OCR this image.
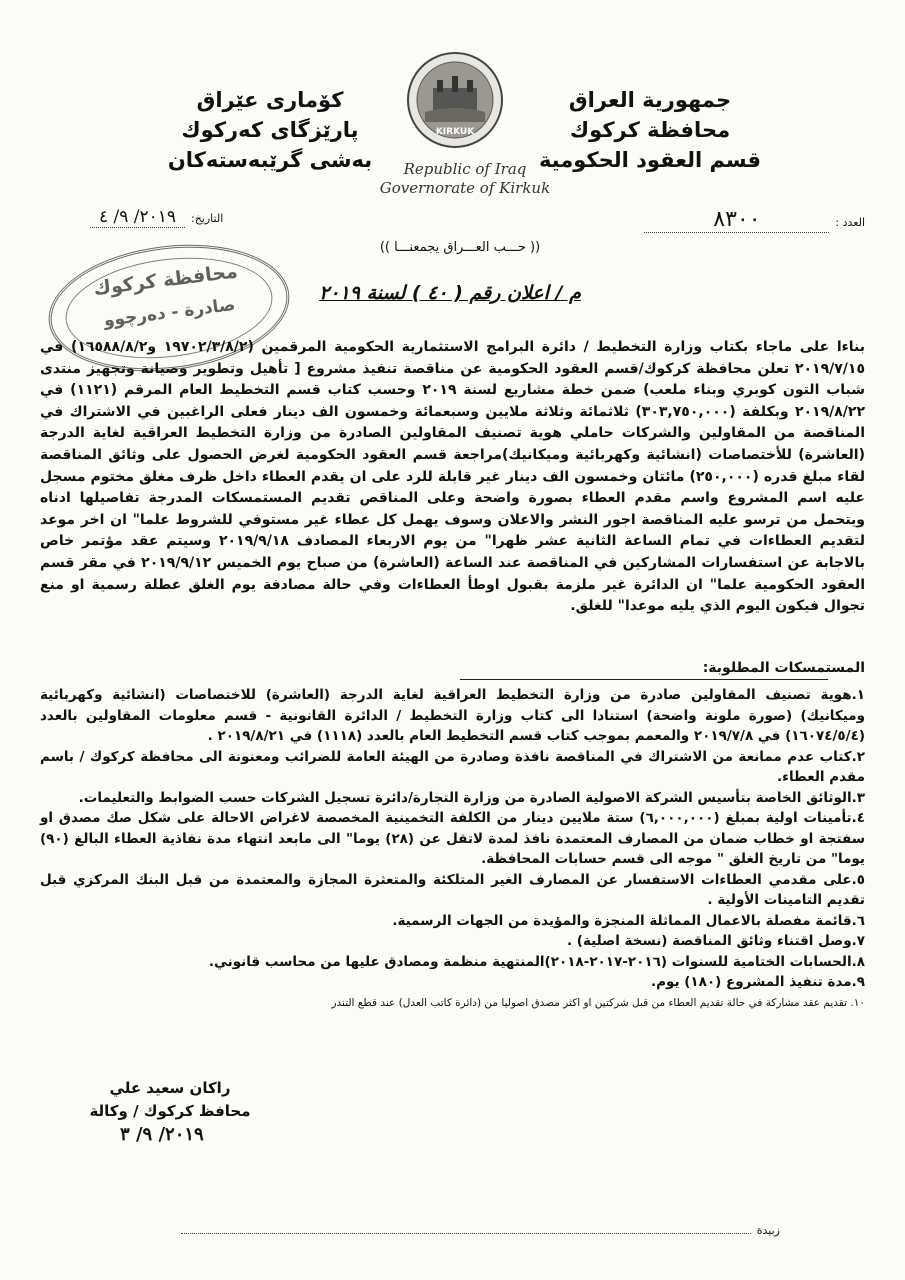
جمهورية العراق
محافظة كركوك
قسم العقود الحكومية
كۆماری عێراق
پارێزگای كەركوك
بەشی گرێبەستەكان
KIRKUK
Republic of Iraq
Governorate of Kirkuk
العدد :٨٣٠٠
التاريخ:٢٠١٩/ ٩/ ٤
(( حـــب العـــراق يجمعنـــا ))
محافظة كركوك
صادرة - دەرچوو
م / اعلان رقم ( ٤٠ ) لسنة ٢٠١٩
بناءا على ماجاء بكتاب وزارة التخطيط / دائرة البرامج الاستثمارية الحكومية المرقمين (١٩٧٠٢/٣/٨/٢ و١٦٥٨٨/٨/٢) في ٢٠١٩/٧/١٥ تعلن محافظة كركوك/قسم العقود الحكومية عن مناقصة تنفيذ مشروع [ تأهيل وتطوير وصيانة وتجهيز منتدى شباب التون كوبري وبناء ملعب) ضمن خطة مشاريع لسنة ٢٠١٩ وحسب كتاب قسم التخطيط العام المرقم (١١٢١) في ٢٠١٩/٨/٢٢ وبكلفة (٣٠٣,٧٥٠,٠٠٠) ثلاثمائة وثلاثة ملايين وسبعمائة وخمسون الف دينار فعلى الراغبين في الاشتراك في المناقصة من المقاولين والشركات حاملي هوية تصنيف المقاولين الصادرة من وزارة التخطيط العراقية لغاية الدرجة (العاشرة) للأختصاصات (انشائية وكهربائية وميكانيك)مراجعة قسم العقود الحكومية لغرض الحصول على وثائق المناقصة لقاء مبلغ قدره (٢٥٠,٠٠٠) مائتان وخمسون الف دينار غير قابلة للرد على ان يقدم العطاء داخل ظرف مغلق مختوم مسجل عليه اسم المشروع واسم مقدم العطاء بصورة واضحة وعلى المناقص تقديم المستمسكات المدرجة تفاصيلها ادناه ويتحمل من ترسو عليه المناقصة اجور النشر والاعلان وسوف يهمل كل عطاء غير مستوفي للشروط علما" ان اخر موعد لتقديم العطاءات في تمام الساعة الثانية عشر ظهرا" من يوم الاربعاء المصادف ٢٠١٩/٩/١٨ وسيتم عقد مؤتمر خاص بالاجابة عن استفسارات المشاركين في المناقصة عند الساعة (العاشرة) من صباح يوم الخميس ٢٠١٩/٩/١٢ في مقر قسم العقود الحكومية علما" ان الدائرة غير ملزمة بقبول اوطأ العطاءات وفي حالة مصادفة يوم الغلق عطلة رسمية او منع تجوال فيكون اليوم الذي يليه موعدا" للغلق.
المستمسكات المطلوبة:
١.هوية تصنيف المقاولين صادرة من وزارة التخطيط العراقية لغاية الدرجة (العاشرة) للاختصاصات (انشائية وكهربائية وميكانيك) (صورة ملونة واضحة) استنادا الى كتاب وزارة التخطيط / الدائرة القانونية - قسم معلومات المقاولين بالعدد (١٦٠٧٤/٥/٤) في ٢٠١٩/٧/٨ والمعمم بموجب كتاب قسم التخطيط العام بالعدد (١١١٨) في ٢٠١٩/٨/٢١ .
٢.كتاب عدم ممانعة من الاشتراك في المناقصة نافذة وصادرة من الهيئة العامة للضرائب ومعنونة الى محافظة كركوك / باسم مقدم العطاء.
٣.الوثائق الخاصة بتأسيس الشركة الاصولية الصادرة من وزارة التجارة/دائرة تسجيل الشركات حسب الضوابط والتعليمات.
٤.تأمينات اولية بمبلغ (٦,٠٠٠,٠٠٠) ستة ملايين دينار من الكلفة التخمينية المخصصة لاغراض الاحالة على شكل صك مصدق او سفتجة او خطاب ضمان من المصارف المعتمدة نافذ لمدة لاتقل عن (٢٨) يوما" الى مابعد انتهاء مدة نفاذية العطاء البالغ (٩٠) يوما" من تاريخ الغلق " موجه الى قسم حسابات المحافظة.
٥.على مقدمي العطاءات الاستفسار عن المصارف الغير المتلكئة والمتعثرة المجازة والمعتمدة من قبل البنك المركزي قبل تقديم التامينات الأولية .
٦.قائمة مفصلة بالاعمال المماثلة المنجزة والمؤيدة من الجهات الرسمية.
٧.وصل اقتناء وثائق المناقصة (نسخة اصلية) .
٨.الحسابات الختامية للسنوات (٢٠١٦-٢٠١٧-٢٠١٨)المنتهية منظمة ومصادق عليها من محاسب قانوني.
٩.مدة تنفيذ المشروع (١٨٠) يوم.
١٠. تقديم عقد مشاركة في حالة تقديم العطاء من قبل شركتين او اكثر مصدق اصوليا من (دائرة كاتب العدل) عند قطع التندر
راكان سعيد علي
محافظ كركوك / وكالة
٢٠١٩/ ٩/ ٣
زبيدة
